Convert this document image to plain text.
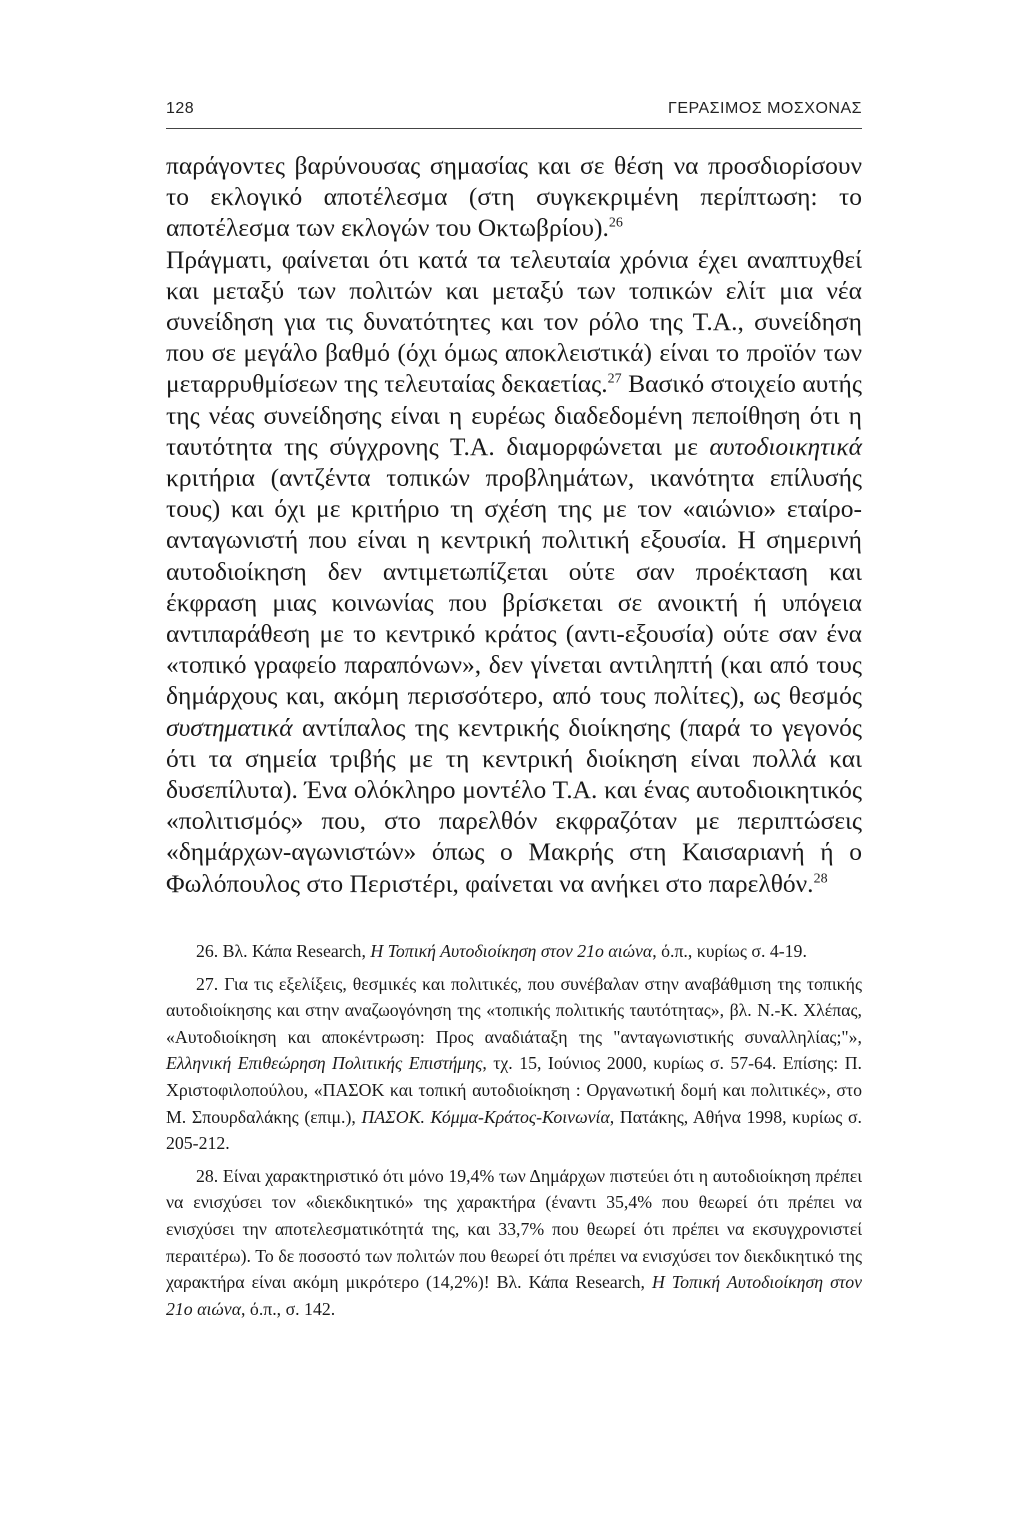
128	ΓΕΡΑΣΙΜΟΣ ΜΟΣΧΟΝΑΣ

παράγοντες βαρύνουσας σημασίας και σε θέση να προσδιορίσουν το εκλογικό αποτέλεσμα (στη συγκεκριμένη περίπτωση: το αποτέλεσμα των εκλογών του Οκτωβρίου).$^{26}$

Πράγματι, φαίνεται ότι κατά τα τελευταία χρόνια έχει αναπτυχθεί και μεταξύ των πολιτών και μεταξύ των τοπικών ελίτ μια νέα συνείδηση για τις δυνατότητες και τον ρόλο της Τ.Α., συνείδηση που σε μεγάλο βαθμό (όχι όμως αποκλειστικά) είναι το προϊόν των μεταρρυθμίσεων της τελευταίας δεκαετίας.$^{27}$ Βασικό στοιχείο αυτής της νέας συνείδησης είναι η ευρέως διαδεδομένη πεποίθηση ότι η ταυτότητα της σύγχρονης Τ.Α. διαμορφώνεται με αυτοδιοικητικά κριτήρια (αντζέντα τοπικών προβλημάτων, ικανότητα επίλυσής τους) και όχι με κριτήριο τη σχέση της με τον «αιώνιο» εταίρο-ανταγωνιστή που είναι η κεντρική πολιτική εξουσία. Η σημερινή αυτοδιοίκηση δεν αντιμετωπίζεται ούτε σαν προέκταση και έκφραση μιας κοινωνίας που βρίσκεται σε ανοικτή ή υπόγεια αντιπαράθεση με το κεντρικό κράτος (αντι-εξουσία) ούτε σαν ένα «τοπικό γραφείο παραπόνων», δεν γίνεται αντιληπτή (και από τους δημάρχους και, ακόμη περισσότερο, από τους πολίτες), ως θεσμός συστηματικά αντίπαλος της κεντρικής διοίκησης (παρά το γεγονός ότι τα σημεία τριβής με τη κεντρική διοίκηση είναι πολλά και δυσεπίλυτα). Ένα ολόκληρο μοντέλο Τ.Α. και ένας αυτοδιοικητικός «πολιτισμός» που, στο παρελθόν εκφραζόταν με περιπτώσεις «δημάρχων-αγωνιστών» όπως ο Μακρής στη Καισαριανή ή ο Φωλόπουλος στο Περιστέρι, φαίνεται να ανήκει στο παρελθόν.$^{28}$

26. Βλ. Κάπα Research, Η Τοπική Αυτοδιοίκηση στον 21ο αιώνα, ό.π., κυρίως σ. 4-19.

27. Για τις εξελίξεις, θεσμικές και πολιτικές, που συνέβαλαν στην αναβάθμιση της τοπικής αυτοδιοίκησης και στην αναζωογόνηση της «τοπικής πολιτικής ταυτότητας», βλ. Ν.-Κ. Χλέπας, «Αυτοδιοίκηση και αποκέντρωση: Προς αναδιάταξη της "ανταγωνιστικής συναλληλίας;"», Ελληνική Επιθεώρηση Πολιτικής Επιστήμης, τχ. 15, Ιούνιος 2000, κυρίως σ. 57-64. Επίσης: Π. Χριστοφιλοπούλου, «ΠΑΣΟΚ και τοπική αυτοδιοίκηση : Οργανωτική δομή και πολιτικές», στο Μ. Σπουρδαλάκης (επιμ.), ΠΑΣΟΚ. Κόμμα-Κράτος-Κοινωνία, Πατάκης, Αθήνα 1998, κυρίως σ. 205-212.

28. Είναι χαρακτηριστικό ότι μόνο 19,4% των Δημάρχων πιστεύει ότι η αυτοδιοίκηση πρέπει να ενισχύσει τον «διεκδικητικό» της χαρακτήρα (έναντι 35,4% που θεωρεί ότι πρέπει να ενισχύσει την αποτελεσματικότητά της, και 33,7% που θεωρεί ότι πρέπει να εκσυγχρονιστεί περαιτέρω). Το δε ποσοστό των πολιτών που θεωρεί ότι πρέπει να ενισχύσει τον διεκδικητικό της χαρακτήρα είναι ακόμη μικρότερο (14,2%)! Βλ. Κάπα Research, Η Τοπική Αυτοδιοίκηση στον 21ο αιώνα, ό.π., σ. 142.
